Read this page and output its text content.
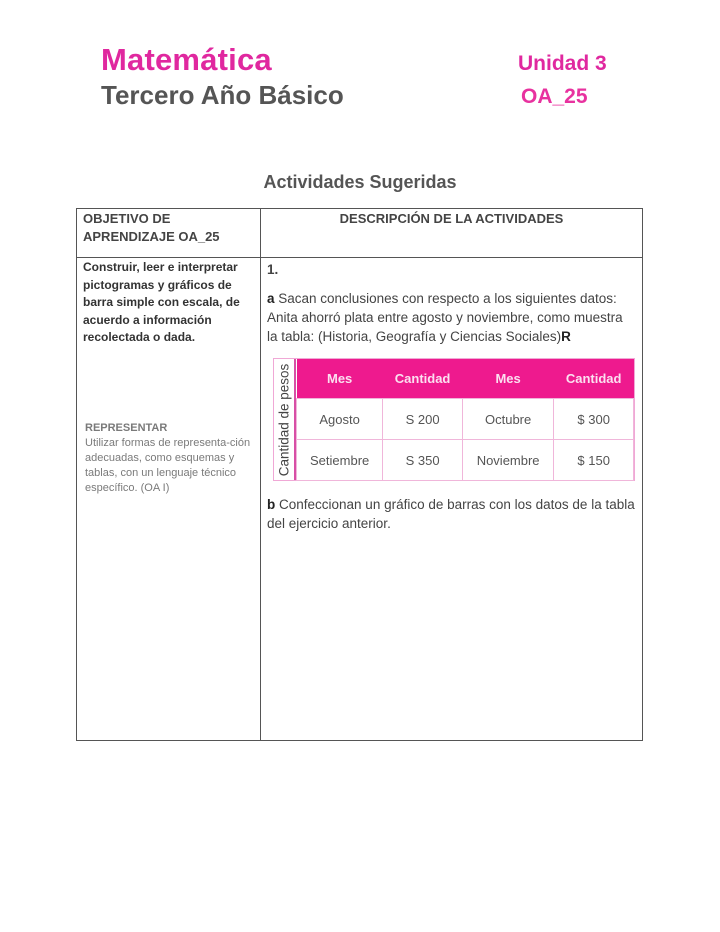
Matemática
Tercero Año Básico
Unidad 3
OA_25
Actividades Sugeridas
OBJETIVO DE APRENDIZAJE OA_25

DESCRIPCIÓN DE LA ACTIVIDADES

Construir, leer e interpretar pictogramas y gráficos de barra simple con escala, de acuerdo a información recolectada o dada.
REPRESENTAR
Utilizar formas de representa-ción adecuadas, como esquemas y tablas, con un lenguaje técnico específico. (OA I)

1.
a Sacan conclusiones con respecto a los siguientes datos: Anita ahorró plata entre agosto y noviembre, como muestra la tabla: (Historia, Geografía y Ciencias Sociales)R
Cantidad de pesos	Mes	Cantidad	Mes	Cantidad
Agosto	S 200	Octubre	$ 300
Setiembre	S 350	Noviembre	$ 150
b Confeccionan un gráfico de barras con los datos de la tabla del ejercicio anterior.
